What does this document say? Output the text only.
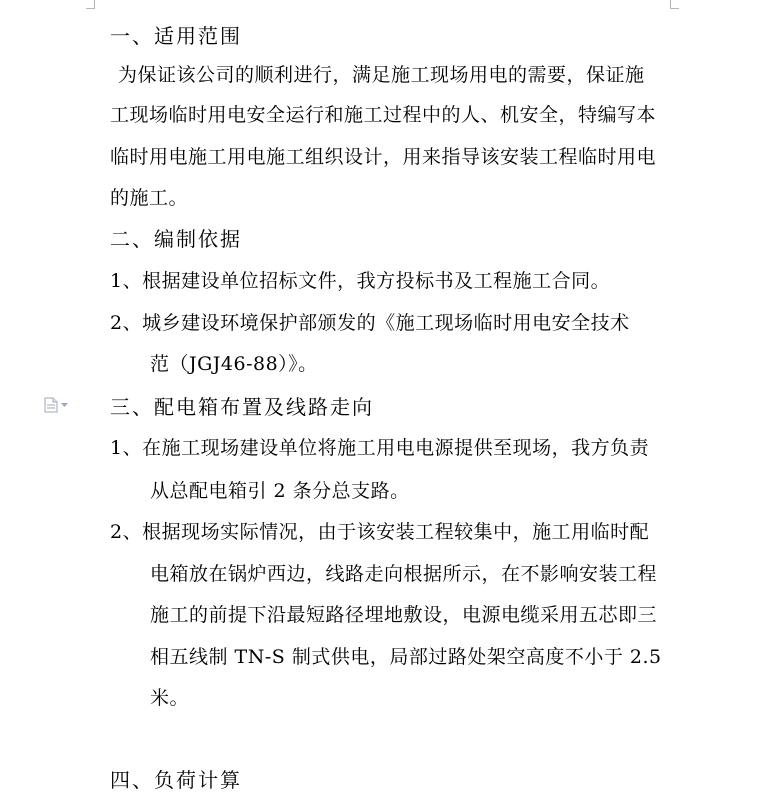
一、适用范围
为保证该公司的顺利进行，满足施工现场用电的需要，保证施
工现场临时用电安全运行和施工过程中的人、机安全，特编写本
临时用电施工用电施工组织设计，用来指导该安装工程临时用电
的施工。
二、编制依据
1、根据建设单位招标文件，我方投标书及工程施工合同。
2、城乡建设环境保护部颁发的《施工现场临时用电安全技术
范（JGJ46-88）》。
三、配电箱布置及线路走向
1、在施工现场建设单位将施工用电电源提供至现场，我方负责
从总配电箱引 2 条分总支路。
2、根据现场实际情况，由于该安装工程较集中，施工用临时配
电箱放在锅炉西边，线路走向根据所示，在不影响安装工程
施工的前提下沿最短路径埋地敷设，电源电缆采用五芯即三
相五线制 TN-S 制式供电，局部过路处架空高度不小于 2.5
米。
四、负荷计算
